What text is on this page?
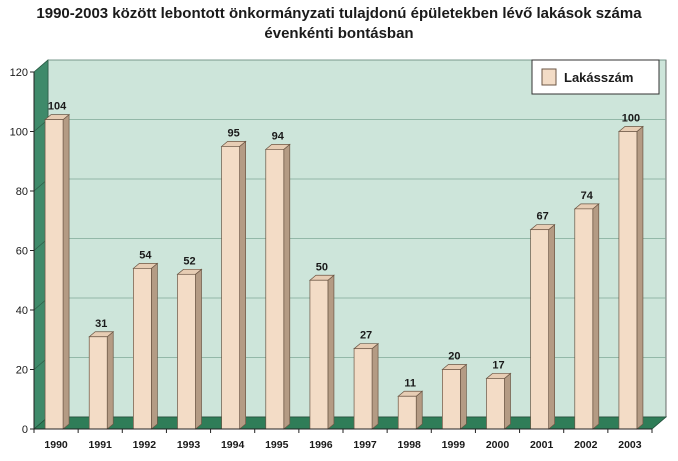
1990-2003 között lebontott önkormányzati tulajdonú épületekben lévő lakások száma
évenkénti bontásban
0
20
40
60
80
100
120
104
31
54	52
95	94
50
27
11
20
17
67
74
100
1990 1991 1992 1993 1994 1995 1996 1997 1998 1999 2000 2001 2002 2003
Lakásszám
